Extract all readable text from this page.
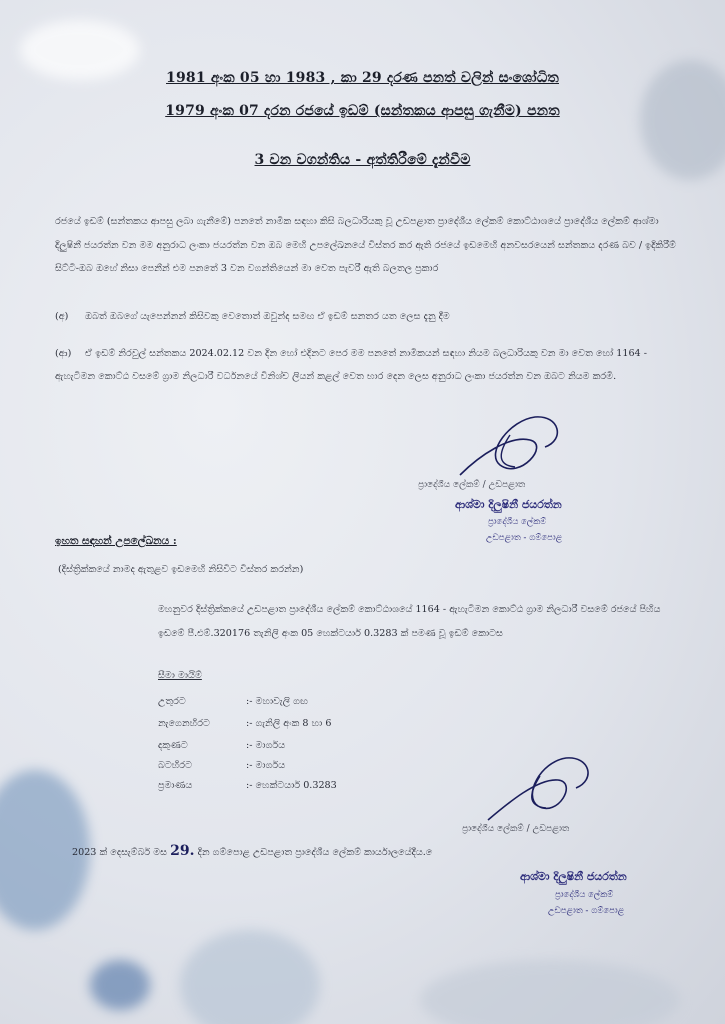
1981 අංක 05 හා 1983 , කා 29 දරණ පනත් වලින් සංශෝධිත
1979 අංක 07 දරන රජයේ ඉඩම් (සන්තකය ආපසු ගැනීම) පනත
3 වන වගන්තිය - අත්තිරීමේ දැන්වීම
රජයේ ඉඩම් (සන්තකය ආපසු ලබා ගැනීමේ) පනතේ නාමික සඳහා කිසි බලධාරියකු වූ උඩපළාත ප්‍රාදේශීය ලේකම් කොට්ඨාශයේ ප්‍රාදේශීය ලේකම් ආශ්මා දිලුෂිනී ජයරත්න වන මම අනුරාධ ලංකා ජයරත්න වන ඔබ මෙහි උපලේඛනයේ විස්තර කර ඇති රජයේ ඉඩමෙහි අනවසරයෙන් සන්තකය දරණ බව / ඉදිකිරීම් සිට්ටි-ඔබ ඔහේ නිසා පෙනීන් එම පනතේ 3 වන වගන්තියෙන් මා වෙත පැවරී ඇති බලතල ප්‍රකාර
(අ) ඔබත් ඔබගේ යැපෙන්නන් කිසිවකු වෙතොත් ඔවුන්ද සමඟ ඒ ඉඩම් සනතර යත ලෙස දැනු දීම
(ආ) ඒ ඉඩම් නිරවුල් සන්තකය 2024.02.12 වන දින හෝ එදිනට පෙර මම පනතේ නාමිකයන් සඳහා නියම බලධාරියකු වන මා වෙත හෝ 1164 - ඇහැටිමන කොට්ඨ වසමේ ග්‍රාම නිලධාරී වර්ධනයේ විනිශ්ච ලියන් කළල් වෙත භාර දෙන ලෙස අනුරාධ ලංකා ජයරත්න වන ඔබට නියම කරමි.
ප්‍රාදේශීය ලේකම් / උඩපළාත
ආශ්මා දිලුෂිනී ජයරත්න
ප්‍රාදේශීය ලේකම්
උඩපළාත - ගම්පොළ
ඉහත සඳහන් උපලේඛනය :
(දිස්ත්‍රික්කයේ නාමද ඇතුළව ඉඩමෙහි නිසිවිට විස්තර කරන්න)
මහනුවර දිස්ත්‍රික්කයේ උඩපළාත ප්‍රාදේශීය ලේකම් කොට්ඨාශයේ 1164 - ඇහැටිමන කොට්ඨ ග්‍රාම නිලධාරී වසමේ රජයේ පිහිය ඉඩමේ පී.එම්.320176 තැනිලි අංක 05 හෙක්ටයාර් 0.3283 ක් පමණ වූ ඉඩම් කොටස
සීමා මායිම්
උතුරට	:- මහාවැලි ගඟ
නැගෙනහිරට	:- ගැනිලි අංක 8 හා 6
දකුණට	:- මාර්ගය
බටහිරට	:- මාර්ගය
ප්‍රමාණය	:- හෙක්ටයාර් 0.3283
ප්‍රාදේශීය ලේකම් / උඩපළාත
2023 ක් දෙසැම්බර් මස 29. දින ගම්පොළ උඩපළාත ප්‍රාදේශීය ලේකම් කාර්යාලයේදීය. ෙ
ආශ්මා දිලුෂිනී ජයරත්න
ප්‍රාදේශීය ලේකම්
උඩපළාත - ගම්පොළ
